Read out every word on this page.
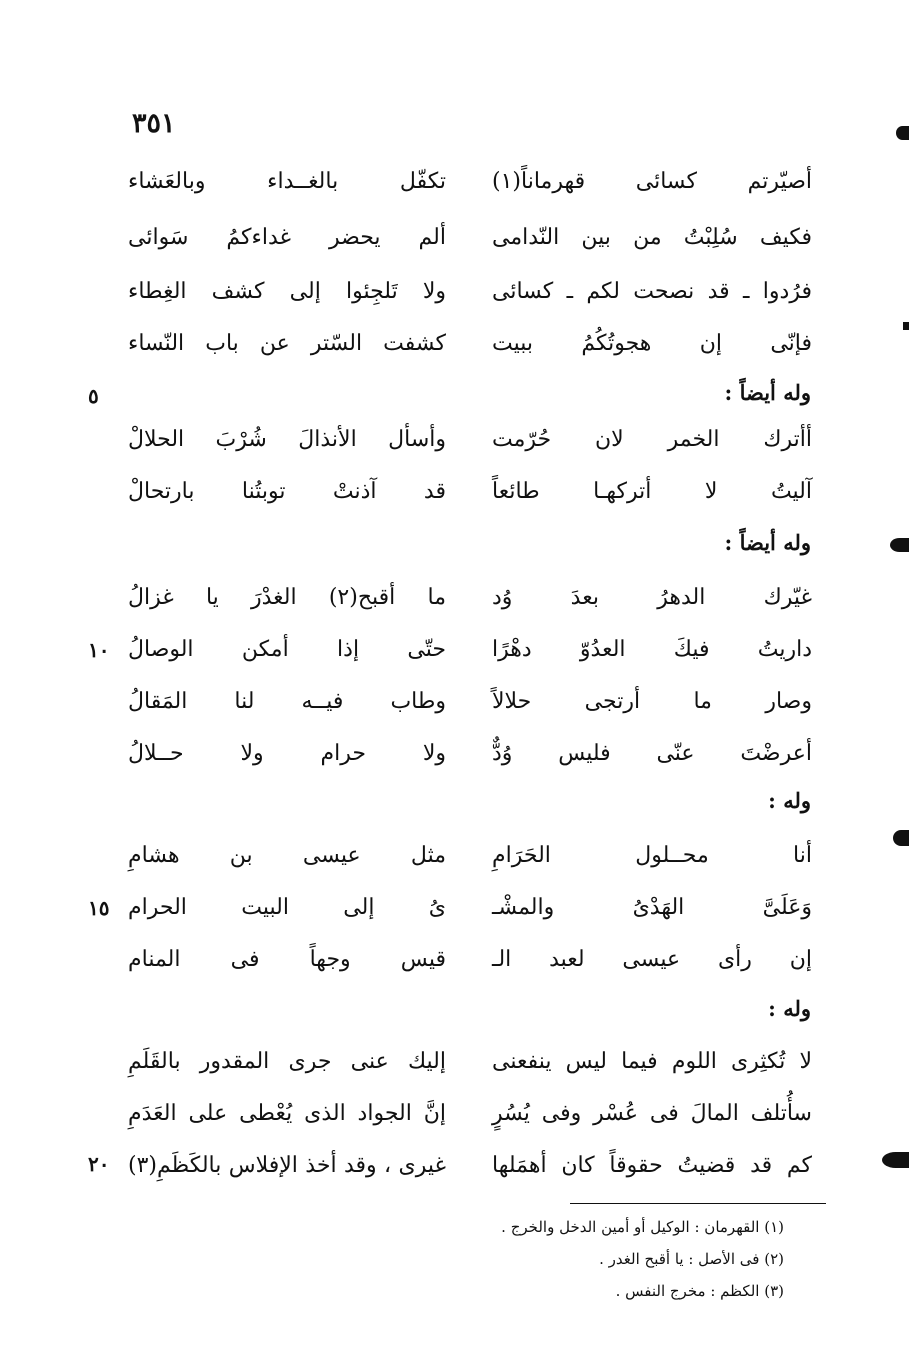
٣٥١
٥
١٠
١٥
٢٠
أصيّرتم كسائى قهرماناً(١)
تكفّل بالغــداء وبالعَشاء
فكيف سُلِبْتُ من بين النّدامى
ألم يحضر غداءكمُ سَوائى
فرُدوا ـ قد نصحت لكم ـ كسائى
ولا تَلجِئوا إلى كشف الغِطاء
فإنّى إن هجوتُكُمُ ببيت
كشفت السّتر عن باب النّساء
وله أيضاً :
أأترك الخمر لان حُرّمت
وأسأل الأنذالَ شُرْبَ الحلالْ
آليتُ لا أتركهـا طائعاً
قد آذنتْ توبتُنا بارتحالْ
وله أيضاً :
غيّرك الدهرُ بعدَ وُد
ما أقبح(٢) الغدْرَ يا غزالُ
داريتُ فيكَ العدُوّ دهْرًا
حتّى إذا أمكن الوصالُ
وصار ما أرتجى حلالاً
وطاب فيــه لنا المَقالُ
أعرضْتَ عنّى فليس وُدٌّ
ولا حرام ولا حــلالُ
وله :
أنا محــلول الحَرَامِ
مثل عيسى بن هشامِ
وَعَلَىَّ الهَدْىُ والمشْـ
ىُ إلى البيت الحرام
إن رأى عيسى لعبد الـ
قيس وجهاً فى المنام
وله :
لا تُكثِرى اللوم فيما ليس ينفعنى
إليك عنى جرى المقدور بالقَلَمِ
سأُتلف المالَ فى عُسْر وفى يُسُرٍ
إنَّ الجواد الذى يُعْطى على العَدَمِ
كم قد قضيتُ حقوقاً كان أهمَلها
غيرى ، وقد أخذ الإفلاس بالكَظَمِ(٣)
(١) القهرمان : الوكيل أو أمين الدخل والخرج .
(٢) فى الأصل : يا أقبح الغدر .
(٣) الكظم : مخرج النفس .
